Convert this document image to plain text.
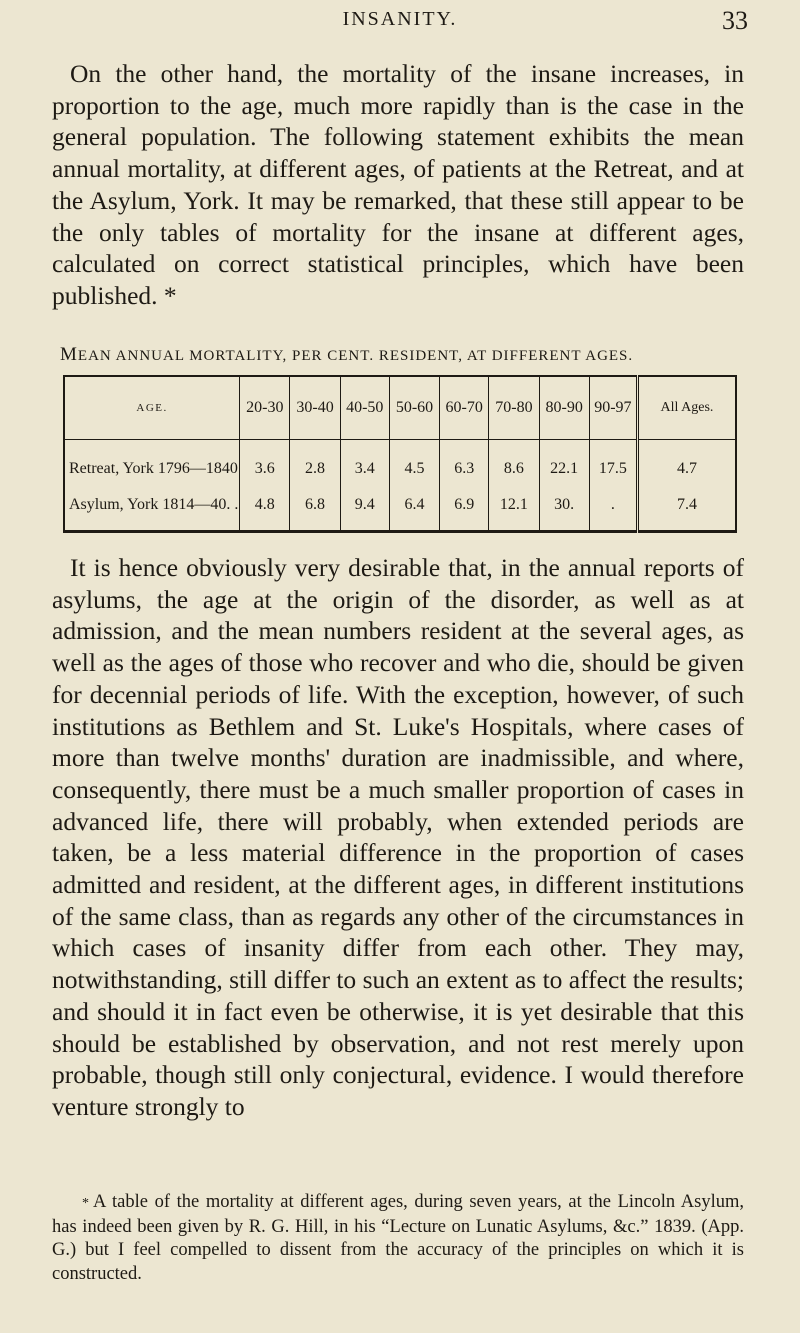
INSANITY.	33

On the other hand, the mortality of the insane increases, in proportion to the age, much more rapidly than is the case in the general population. The following statement exhibits the mean annual mortality, at different ages, of patients at the Retreat, and at the Asylum, York. It may be remarked, that these still appear to be the only tables of mortality for the insane at different ages, calculated on correct statistical principles, which have been published. *

MEAN ANNUAL MORTALITY, PER CENT. RESIDENT, AT DIFFERENT AGES.
AGE.	20-30	30-40	40-50	50-60	60-70	70-80	80-90	90-97	All Ages.
Retreat, York 1796—1840	3.6	2.8	3.4	4.5	6.3	8.6	22.1	17.5	4.7
Asylum, York 1814—40. .	4.8	6.8	9.4	6.4	6.9	12.1	30.	.	7.4

It is hence obviously very desirable that, in the annual reports of asylums, the age at the origin of the disorder, as well as at admission, and the mean numbers resident at the several ages, as well as the ages of those who recover and who die, should be given for decennial periods of life. With the exception, however, of such institutions as Bethlem and St. Luke's Hospitals, where cases of more than twelve months' duration are inadmissible, and where, consequently, there must be a much smaller proportion of cases in advanced life, there will probably, when extended periods are taken, be a less material difference in the proportion of cases admitted and resident, at the different ages, in different institutions of the same class, than as regards any other of the circumstances in which cases of insanity differ from each other. They may, notwithstanding, still differ to such an extent as to affect the results; and should it in fact even be otherwise, it is yet desirable that this should be established by observation, and not rest merely upon probable, though still only conjectural, evidence. I would therefore venture strongly to

* A table of the mortality at different ages, during seven years, at the Lincoln Asylum, has indeed been given by R. G. Hill, in his “Lecture on Lunatic Asylums, &c.” 1839. (App. G.) but I feel compelled to dissent from the accuracy of the principles on which it is constructed.
